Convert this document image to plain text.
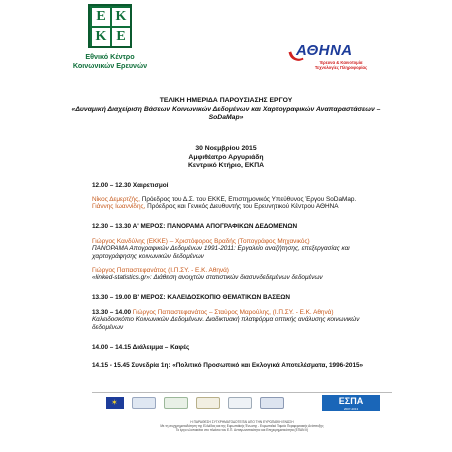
Ε Κ
Κ Ε
Εθνικό Κέντρο
Κοινωνικών Ερευνών
ΑΘΗΝΑ
Έρευνα & Καινοτομία
Τεχνολογίες Πληροφορίας
ΤΕΛΙΚΗ ΗΜΕΡΙΔΑ ΠΑΡΟΥΣΙΑΣΗΣ ΕΡΓΟΥ
«Δυναμική Διαχείριση Βάσεων Κοινωνικών Δεδομένων και Χαρτογραφικών Αναπαραστάσεων –
SoDaMap»
30 Νοεμβρίου 2015
Αμφιθέατρο Αργυριάδη
Κεντρικό Κτήριο, ΕΚΠΑ
12.00 – 12.30 Χαιρετισμοί
Νίκος Δεμερτζής, Πρόεδρος του Δ.Σ. του ΕΚΚΕ, Επιστημονικός Υπεύθυνος Έργου SoDaMap.
Γιάννης Ιωαννίδης, Πρόεδρος και Γενικός Διευθυντής του Ερευνητικού Κέντρου ΑΘΗΝΑ
12.30 – 13.30 Α' ΜΕΡΟΣ: ΠΑΝΟΡΑΜΑ ΑΠΟΓΡΑΦΙΚΩΝ ΔΕΔΟΜΕΝΩΝ
Γιώργος Κανδύλης (ΕΚΚΕ) – Χριστόφορος Βραδής (Τοπογράφος Μηχανικός)
ΠΑΝΟΡΑΜΑ Απογραφικών Δεδομένων 1991-2011: Εργαλείο αναζήτησης, επεξεργασίας και
χαρτογράφησης κοινωνικών δεδομένων
Γιώργος Παπαστεφανάτος (Ι.Π.ΣΥ. - Ε.Κ. Αθηνά)
«linked-statistics.gr»: Διάθεση ανοιχτών στατιστικών διασυνδεδεμένων δεδομένων
13.30 – 19.00 Β' ΜΕΡΟΣ: ΚΑΛΕΙΔΟΣΚΟΠΙΟ ΘΕΜΑΤΙΚΩΝ ΒΑΣΕΩΝ
13.30 – 14.00 Γιώργος Παπαστεφανάτος – Σταύρος Μαρούλης, (Ι.Π.ΣΥ. - Ε.Κ. Αθηνά)
Καλειδοσκόπιο Κοινωνικών Δεδομένων. Διαδικτυακή πλατφόρμα οπτικής ανάλυσης κοινωνικών
δεδομένων
14.00 – 14.15 Διάλειμμα – Καφές
14.15 - 15.45 Συνεδρία 1η: «Πολιτικό Προσωπικό και Εκλογικά Αποτελέσματα, 1996-2015»
✶
ΕΣΠΑ
2007-2013
Η ΠΑΡΑΘΕΣΗ ΣΥΓΧΡΗΜΑΤΟΔΟΤΕΙΤΑΙ ΑΠΟ ΤΗΝ ΕΥΡΩΠΑΪΚΗ ΕΝΩΣΗ
Με τη συγχρηματοδότηση της Ελλάδας και της Ευρωπαϊκής Ένωσης - Ευρωπαϊκό Ταμείο Περιφερειακής Ανάπτυξης
Το έργο υλοποιείται στο πλαίσιο του Ε.Π. Ανταγωνιστικότητα και Επιχειρηματικότητα (ΕΠΑΝ ΙΙ)
